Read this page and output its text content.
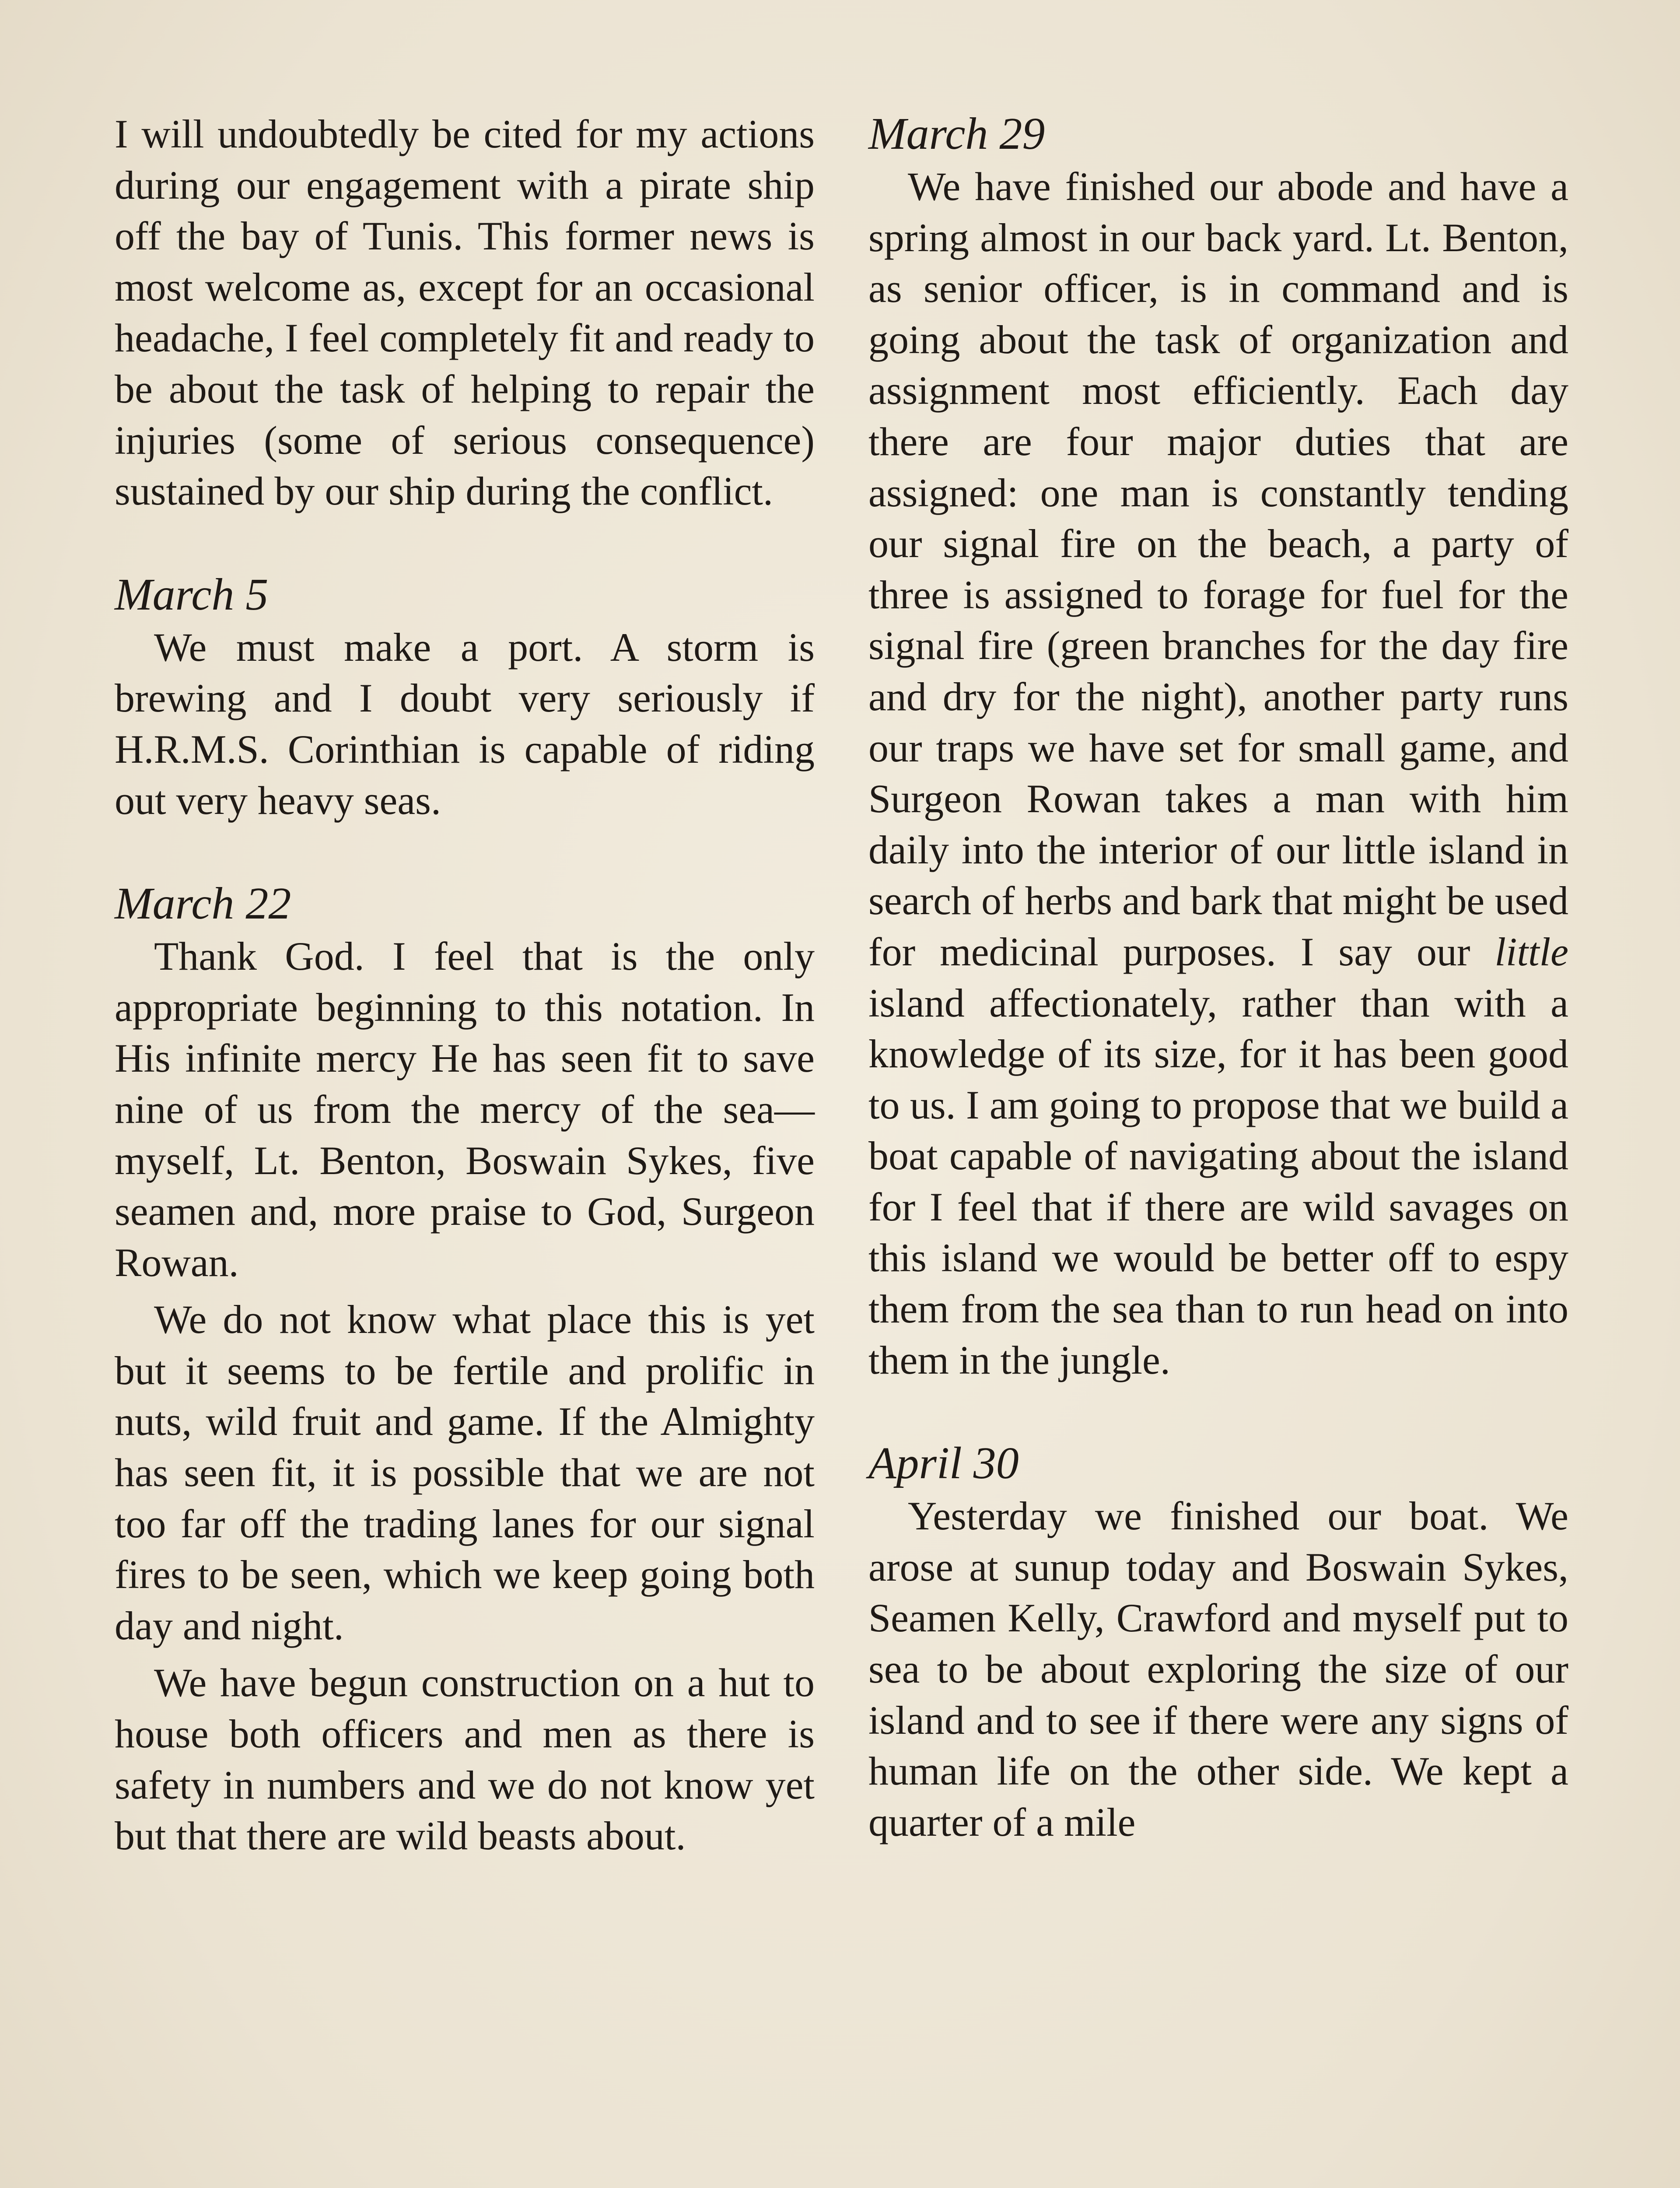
I will undoubtedly be cited for my actions during our engagement with a pirate ship off the bay of Tunis. This former news is most welcome as, except for an occasional headache, I feel completely fit and ready to be about the task of helping to repair the injuries (some of serious consequence) sustained by our ship during the conflict.

March 5

We must make a port. A storm is brewing and I doubt very seriously if H.R.M.S. Corinthian is capable of riding out very heavy seas.

March 22

Thank God. I feel that is the only appropriate beginning to this notation. In His infinite mercy He has seen fit to save nine of us from the mercy of the sea—myself, Lt. Benton, Boswain Sykes, five seamen and, more praise to God, Surgeon Rowan.

We do not know what place this is yet but it seems to be fertile and prolific in nuts, wild fruit and game. If the Almighty has seen fit, it is possible that we are not too far off the trading lanes for our signal fires to be seen, which we keep going both day and night.

We have begun construction on a hut to house both officers and men as there is safety in numbers and we do not know yet but that there are wild beasts about.

March 29

We have finished our abode and have a spring almost in our back yard. Lt. Benton, as senior officer, is in command and is going about the task of organization and assignment most efficiently. Each day there are four major duties that are assigned: one man is constantly tending our signal fire on the beach, a party of three is assigned to forage for fuel for the signal fire (green branches for the day fire and dry for the night), another party runs our traps we have set for small game, and Surgeon Rowan takes a man with him daily into the interior of our little island in search of herbs and bark that might be used for medicinal purposes. I say our little island affectionately, rather than with a knowledge of its size, for it has been good to us. I am going to propose that we build a boat capable of navigating about the island for I feel that if there are wild savages on this island we would be better off to espy them from the sea than to run head on into them in the jungle.

April 30

Yesterday we finished our boat. We arose at sunup today and Boswain Sykes, Seamen Kelly, Crawford and myself put to sea to be about exploring the size of our island and to see if there were any signs of human life on the other side. We kept a quarter of a mile
